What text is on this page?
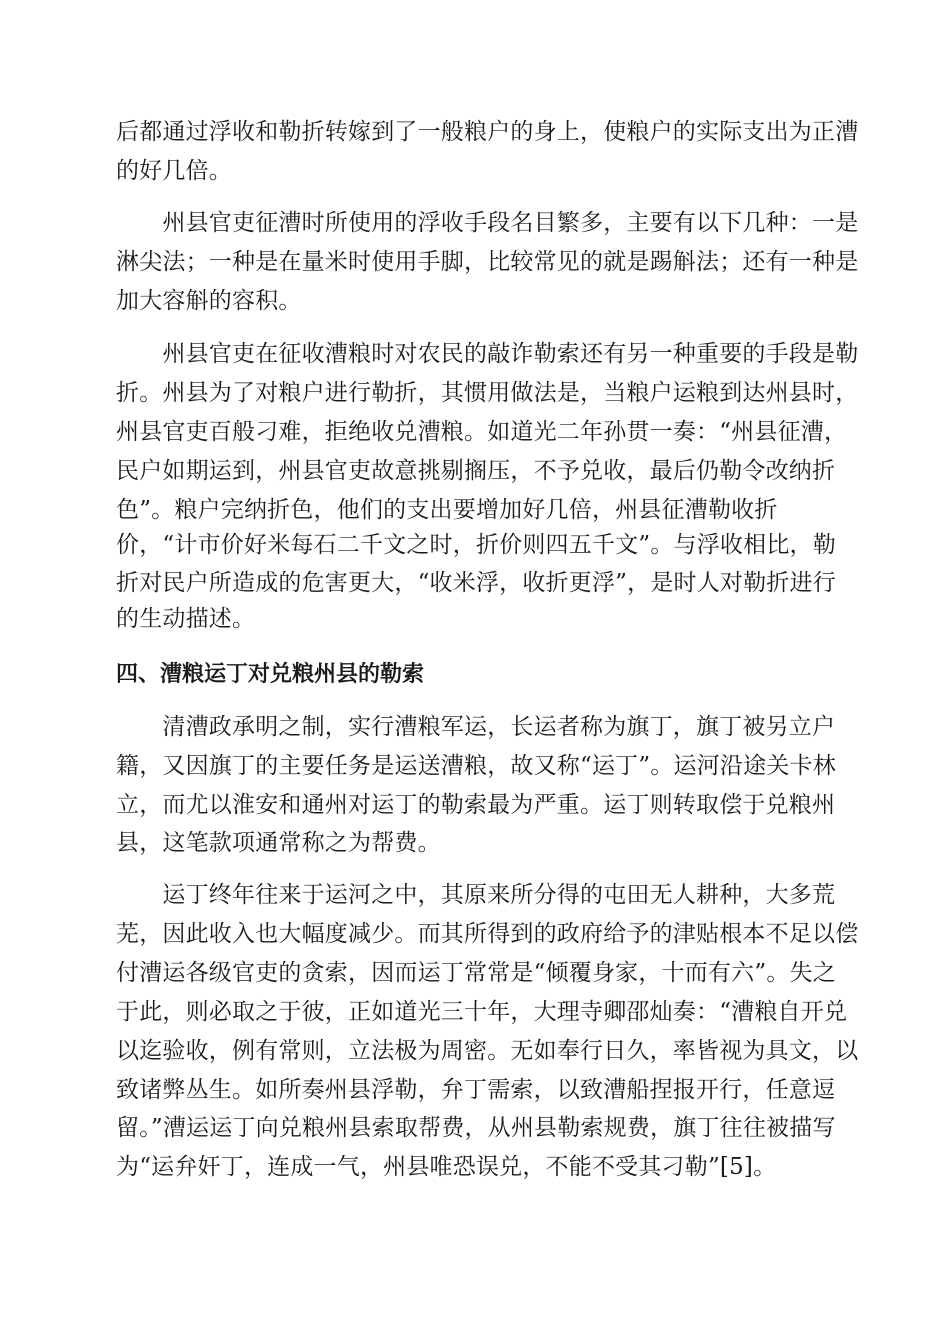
后都通过浮收和勒折转嫁到了一般粮户的身上，使粮户的实际支出为正漕
的好几倍。
　　州县官吏征漕时所使用的浮收手段名目繁多，主要有以下几种：一是
淋尖法；一种是在量米时使用手脚，比较常见的就是踢斛法；还有一种是
加大容斛的容积。
　　州县官吏在征收漕粮时对农民的敲诈勒索还有另一种重要的手段是勒
折。州县为了对粮户进行勒折，其惯用做法是，当粮户运粮到达州县时，
州县官吏百般刁难，拒绝收兑漕粮。如道光二年孙贯一奏：“州县征漕，
民户如期运到，州县官吏故意挑剔搁压，不予兑收，最后仍勒令改纳折
色”。粮户完纳折色，他们的支出要增加好几倍，州县征漕勒收折
价，“计市价好米每石二千文之时，折价则四五千文”。与浮收相比，勒
折对民户所造成的危害更大，“收米浮，收折更浮”，是时人对勒折进行
的生动描述。
四、漕粮运丁对兑粮州县的勒索
　　清漕政承明之制，实行漕粮军运，长运者称为旗丁，旗丁被另立户
籍，又因旗丁的主要任务是运送漕粮，故又称“运丁”。运河沿途关卡林
立，而尤以淮安和通州对运丁的勒索最为严重。运丁则转取偿于兑粮州
县，这笔款项通常称之为帮费。
　　运丁终年往来于运河之中，其原来所分得的屯田无人耕种，大多荒
芜，因此收入也大幅度减少。而其所得到的政府给予的津贴根本不足以偿
付漕运各级官吏的贪索，因而运丁常常是“倾覆身家，十而有六”。失之
于此，则必取之于彼，正如道光三十年，大理寺卿邵灿奏：“漕粮自开兑
以迄验收，例有常则，立法极为周密。无如奉行日久，率皆视为具文，以
致诸弊丛生。如所奏州县浮勒，弁丁需索，以致漕船捏报开行，任意逗
留。”漕运运丁向兑粮州县索取帮费，从州县勒索规费，旗丁往往被描写
为“运弁奸丁，连成一气，州县唯恐误兑，不能不受其刁勒”[5]。
